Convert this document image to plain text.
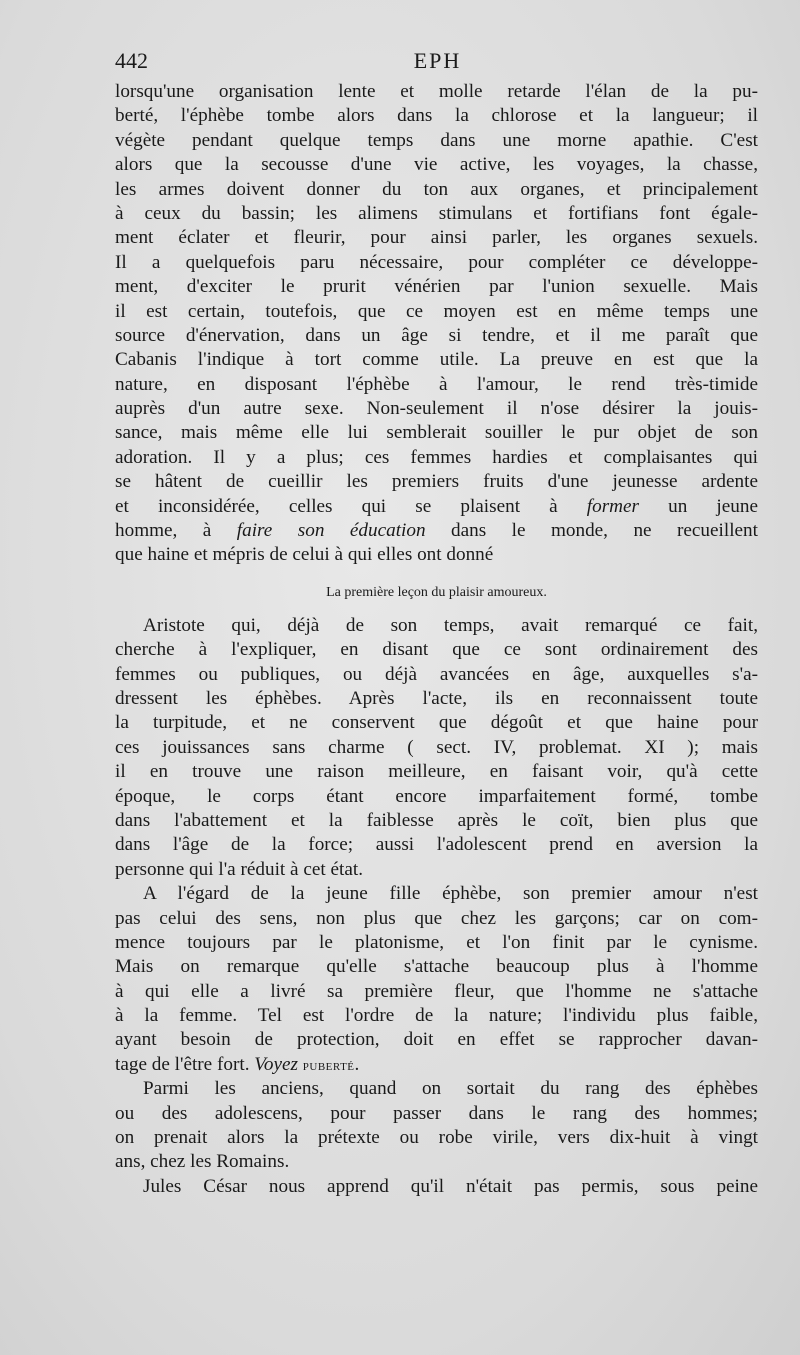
442	EPH
lorsqu'une organisation lente et molle retarde l'élan de la pu-
berté, l'éphèbe tombe alors dans la chlorose et la langueur; il
végète pendant quelque temps dans une morne apathie. C'est
alors que la secousse d'une vie active, les voyages, la chasse,
les armes doivent donner du ton aux organes, et principalement
à ceux du bassin; les alimens stimulans et fortifians font égale-
ment éclater et fleurir, pour ainsi parler, les organes sexuels.
Il a quelquefois paru nécessaire, pour compléter ce développe-
ment, d'exciter le prurit vénérien par l'union sexuelle. Mais
il est certain, toutefois, que ce moyen est en même temps une
source d'énervation, dans un âge si tendre, et il me paraît que
Cabanis l'indique à tort comme utile. La preuve en est que la
nature, en disposant l'éphèbe à l'amour, le rend très-timide
auprès d'un autre sexe. Non-seulement il n'ose désirer la jouis-
sance, mais même elle lui semblerait souiller le pur objet de son
adoration. Il y a plus; ces femmes hardies et complaisantes qui
se hâtent de cueillir les premiers fruits d'une jeunesse ardente
et inconsidérée, celles qui se plaisent à former un jeune
homme, à faire son éducation dans le monde, ne recueillent
que haine et mépris de celui à qui elles ont donné
La première leçon du plaisir amoureux.
Aristote qui, déjà de son temps, avait remarqué ce fait,
cherche à l'expliquer, en disant que ce sont ordinairement des
femmes ou publiques, ou déjà avancées en âge, auxquelles s'a-
dressent les éphèbes. Après l'acte, ils en reconnaissent toute
la turpitude, et ne conservent que dégoût et que haine pour
ces jouissances sans charme ( sect. IV, problemat. XI ); mais
il en trouve une raison meilleure, en faisant voir, qu'à cette
époque, le corps étant encore imparfaitement formé, tombe
dans l'abattement et la faiblesse après le coït, bien plus que
dans l'âge de la force; aussi l'adolescent prend en aversion la
personne qui l'a réduit à cet état.
A l'égard de la jeune fille éphèbe, son premier amour n'est
pas celui des sens, non plus que chez les garçons; car on com-
mence toujours par le platonisme, et l'on finit par le cynisme.
Mais on remarque qu'elle s'attache beaucoup plus à l'homme
à qui elle a livré sa première fleur, que l'homme ne s'attache
à la femme. Tel est l'ordre de la nature; l'individu plus faible,
ayant besoin de protection, doit en effet se rapprocher davan-
tage de l'être fort. Voyez puberté.
Parmi les anciens, quand on sortait du rang des éphèbes
ou des adolescens, pour passer dans le rang des hommes;
on prenait alors la prétexte ou robe virile, vers dix-huit à vingt
ans, chez les Romains.
Jules César nous apprend qu'il n'était pas permis, sous peine
